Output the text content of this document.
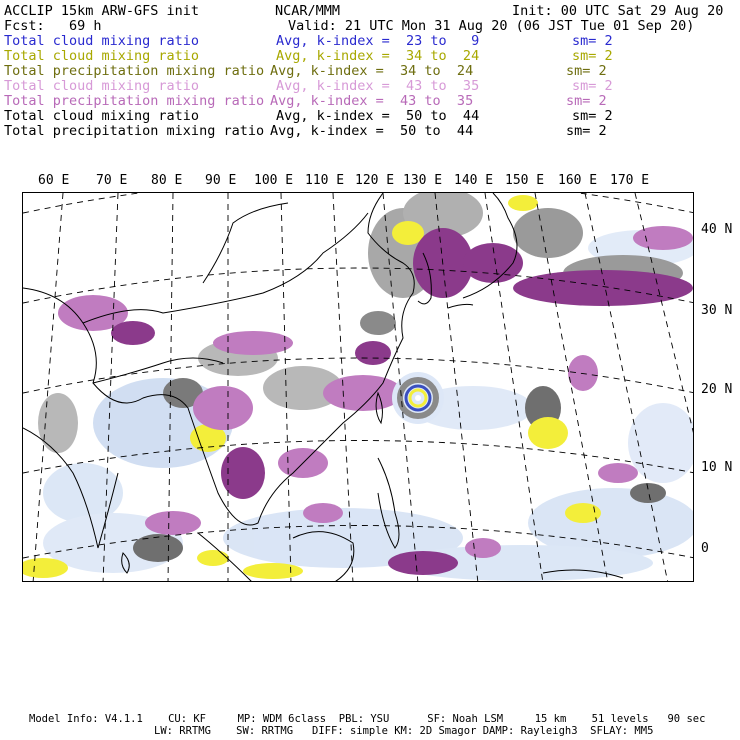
ACCLIP 15km ARW-GFS init	NCAR/MMM	Init: 00 UTC Sat 29 Aug 20
Fcst:   69 h	Valid: 21 UTC Mon 31 Aug 20 (06 JST Tue 01 Sep 20)
Total cloud mixing ratio	Avg, k-index =  23 to   9	sm= 2
Total cloud mixing ratio	Avg, k-index =  34 to  24	sm= 2
Total precipitation mixing ratio Avg, k-index =  34 to  24	sm= 2
Total cloud mixing ratio	Avg, k-index =  43 to  35	sm= 2
Total precipitation mixing ratio Avg, k-index =  43 to  35	sm= 2
Total cloud mixing ratio	Avg, k-index =  50 to  44	sm= 2
Total precipitation mixing ratio Avg, k-index =  50 to  44	sm= 2
60 E 70 E 80 E 90 E 100 E 110 E 120 E 130 E 140 E 150 E 160 E 170 E
40 N
30 N
20 N
10 N
0
Model Info: V4.1.1    CU: KF     MP: WDM 6class  PBL: YSU      SF: Noah LSM     15 km    51 levels   90 sec
LW: RRTMG    SW: RRTMG   DIFF: simple KM: 2D Smagor DAMP: Rayleigh3  SFLAY: MM5
